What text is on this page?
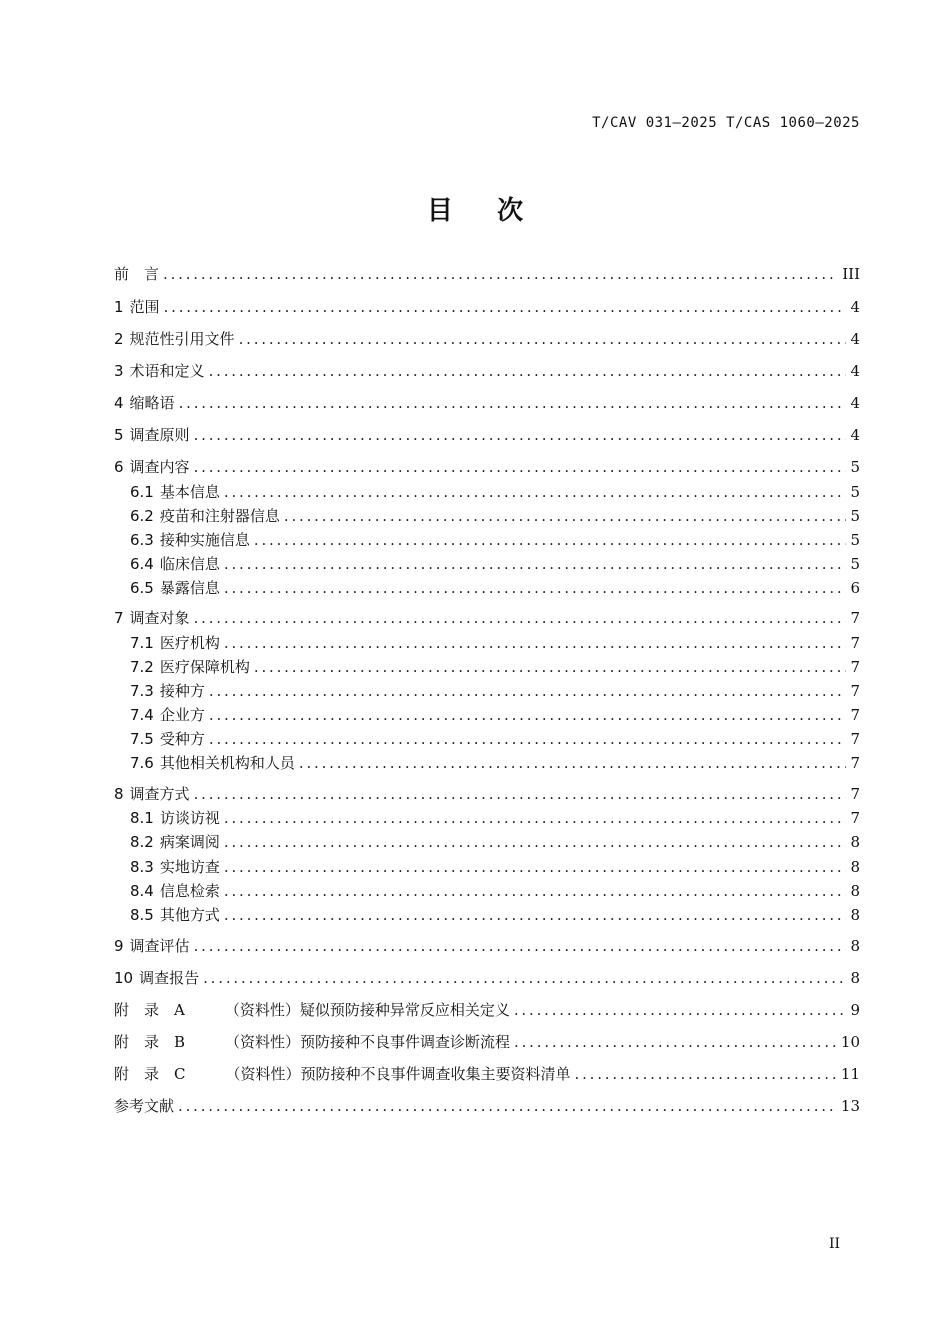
T/CAV 031—2025 T/CAS 1060—2025
目 次
前　言 .....	III
1 范围 .....	4
2 规范性引用文件 .....	4
3 术语和定义 .....	4
4 缩略语 .....	4
5 调查原则 .....	4
6 调查内容 .....	5
6.1 基本信息 .....	5
6.2 疫苗和注射器信息 .....	5
6.3 接种实施信息 .....	5
6.4 临床信息 .....	5
6.5 暴露信息 .....	6
7 调查对象 .....	7
7.1 医疗机构 .....	7
7.2 医疗保障机构 .....	7
7.3 接种方 .....	7
7.4 企业方 .....	7
7.5 受种方 .....	7
7.6 其他相关机构和人员 .....	7
8 调查方式 .....	7
8.1 访谈访视 .....	7
8.2 病案调阅 .....	8
8.3 实地访查 .....	8
8.4 信息检索 .....	8
8.5 其他方式 .....	8
9 调查评估 .....	8
10 调查报告 .....	8
附　录　A	（资料性）疑似预防接种异常反应相关定义 .....	9
附　录　B	（资料性）预防接种不良事件调查诊断流程 .....	10
附　录　C	（资料性）预防接种不良事件调查收集主要资料清单 .....	11
参考文献 .....	13
II
